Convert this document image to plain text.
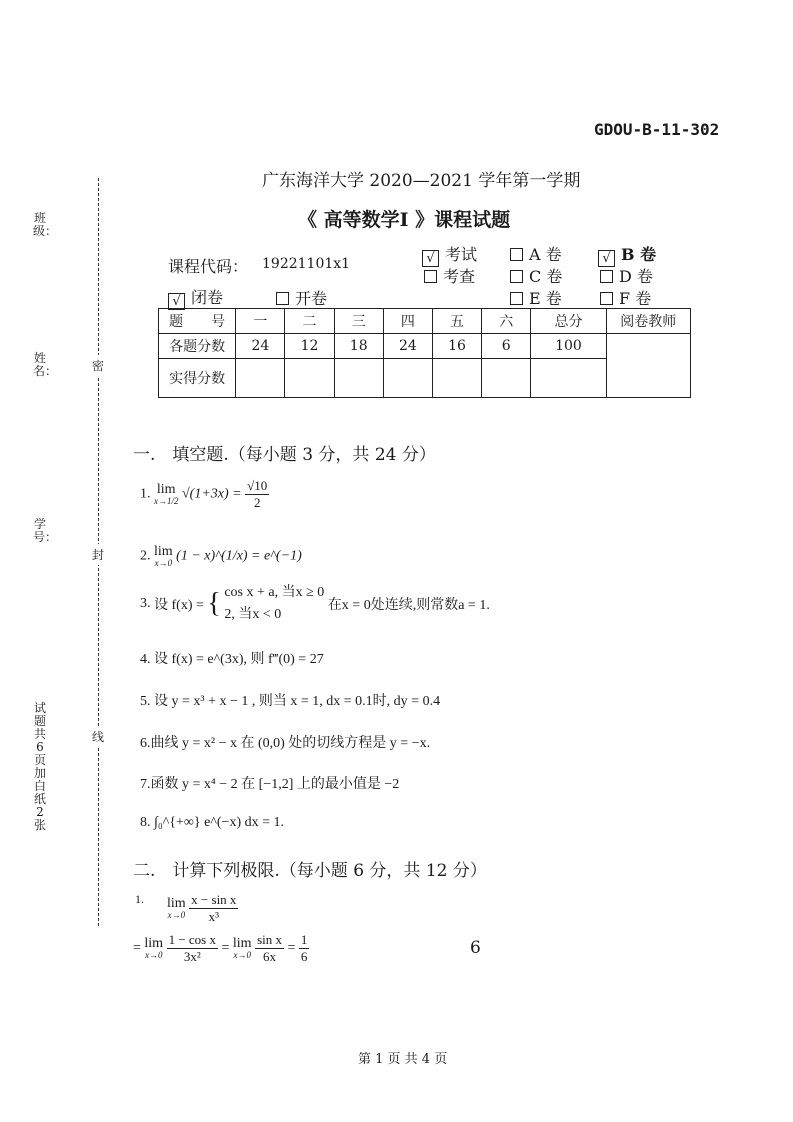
GDOU-B-11-302
班级：
姓名：
学号：
试题共6页 加白纸2张
密
封
线
广东海洋大学 2020—2021 学年第一学期
《 高等数学Ⅰ 》课程试题
课程代码： 19221101x1	√ 考试
考查
A 卷
C 卷
E 卷
√ B 卷
D 卷
F 卷
√ 闭卷	开卷
题　　号	一	二	三	四	五	六	总分	阅卷教师
各题分数	24	12	18	24	16	6	100	
实得分数								
一.　填空题.（每小题 3 分，共 24 分）
1. lim
x→1/2 $√(1+3x) = \frac{√10}{2}$
2. lim
x→0 (1 − x)^(1/x) = e^(−1)
3. 设 f(x) = { cos x + a, 当x ≥ 0
2, 当x < 0
在x = 0处连续,则常数a = 1.
4. 设 f(x) = e^(3x), 则 f‴(0) = 27
5. 设 y = x³ + x − 1 , 则当 x = 1, dx = 0.1时, dy = 0.4
6.曲线 y = x² − x 在 (0,0) 处的切线方程是 y = −x.
7.函数 y = x⁴ − 2 在 [−1,2] 上的最小值是 −2
8. ∫₀^{+∞} e^(−x) dx = 1.
二.　计算下列极限.（每小题 6 分，共 12 分）
1. lim
x→0
$\frac{\text{x − sin x}}{\text{x³}}$
= lim
x→0
$\frac{\text{1 − cos x}}{\text{3x²}} = \lim$
x→0
$\frac{\text{sin x}}{6x} = \frac{1}{6}$	6
第 1 页 共 4 页
